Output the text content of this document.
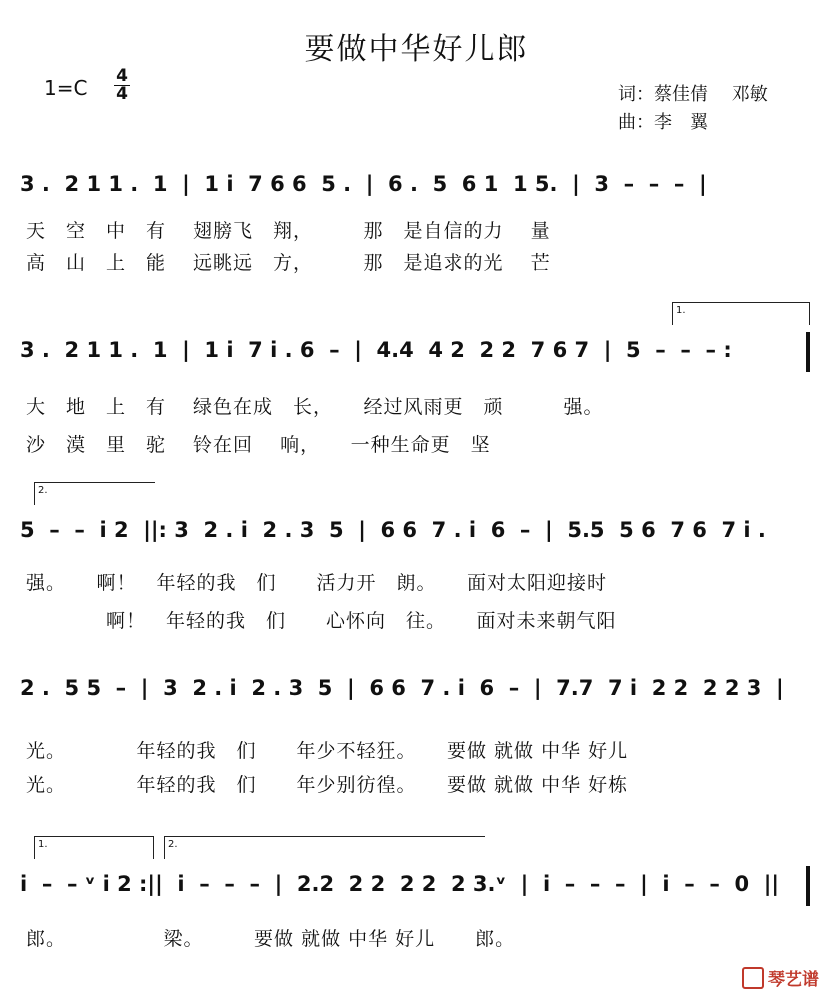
要做中华好儿郎
1=C 4
4	词：蔡佳倩　 邓敏
曲：李　翼
3 .  2 1 1 .  1  |  1 i  7 6 6  5 .  |  6 .  5  6 1  1 5.  |  3  –  –  –  |
天　空　中　有　 翅膀飞　翔，　　　那　是自信的力　 量
高　山　上　能　 远眺远　方，　　　那　是追求的光　 芒
1.
3 .  2 1 1 .  1  |  1 i  7 i . 6  –  |  4.4  4 2  2 2  7 6 7  |  5  –  –  – :
大　地　上　有　 绿色在成　长，　　经过风雨更　顽　　　强。
沙　漠　里　驼　 铃在回　 响，　　一种生命更　坚
2.
5  –  –  i 2  ||: 3  2 . i  2 . 3  5  |  6 6  7 . i  6  –  |  5.5  5 6  7 6  7 i .
强。　　啊！　年轻的我　们　　活力开　朗。　　面对太阳迎接时
　　　　啊！　年轻的我　们　　心怀向　往。　　面对未来朝气阳
2 .  5 5  –  |  3  2 . i  2 . 3  5  |  6 6  7 . i  6  –  |  7.7  7 i  2 2  2 2 3  |
光。　　　　年轻的我　们　　年少不轻狂。　　要做 就做 中华 好儿
光。　　　　年轻的我　们　　年少别彷徨。　　要做 就做 中华 好栋
1.	2.
i  –  – ᵛ i 2 :||  i  –  –  –  |  2.2  2 2  2 2  2 3.ᵛ  |  i  –  –  –  |  i  –  –  0  ||
郎。　　　　　 梁。　　　要做 就做 中华 好儿　　郎。
琴艺谱
